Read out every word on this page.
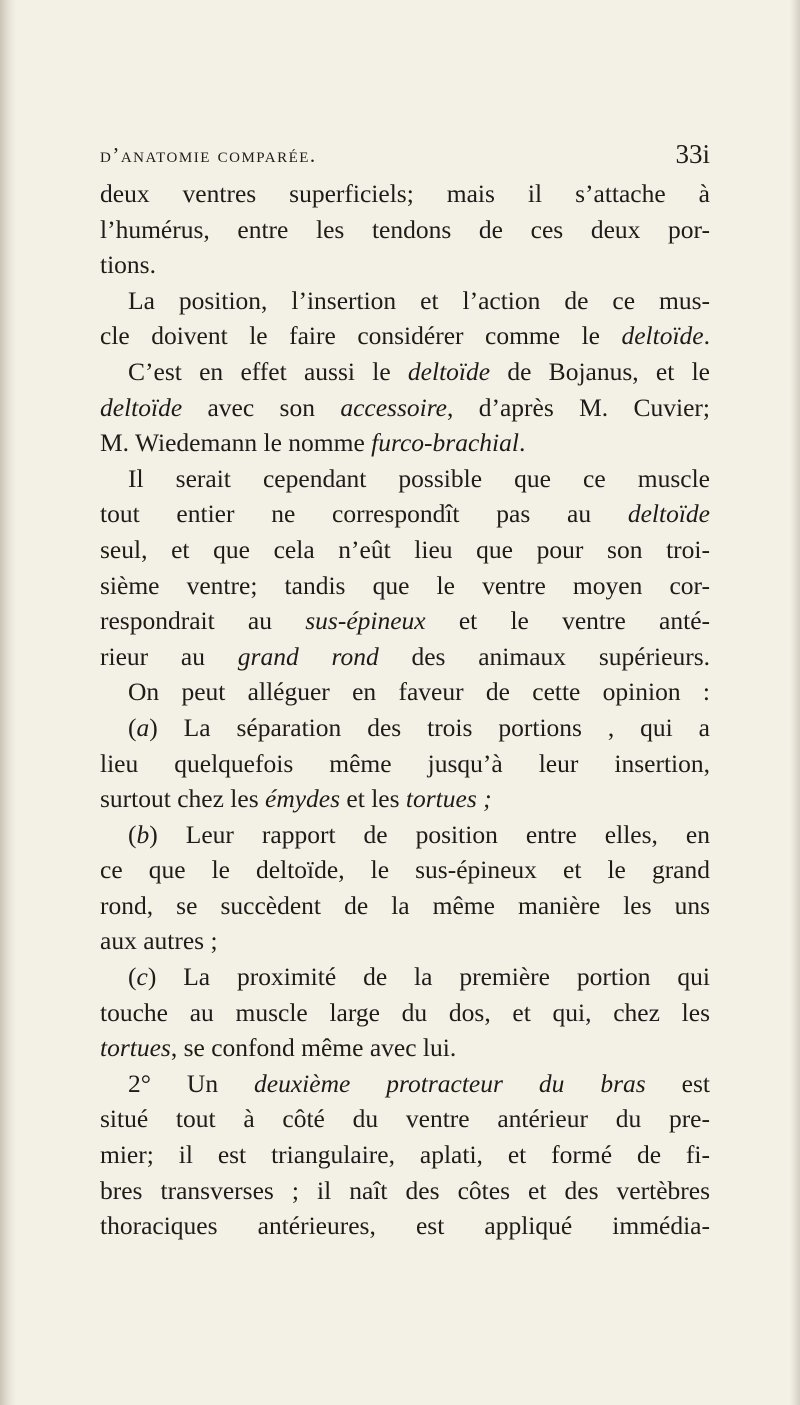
d’anatomie comparée.	33i
deux ventres superficiels; mais il s’attache à
l’humérus, entre les tendons de ces deux por-
tions.
La position, l’insertion et l’action de ce mus-
cle doivent le faire considérer comme le deltoïde.
C’est en effet aussi le deltoïde de Bojanus, et le
deltoïde avec son accessoire, d’après M. Cuvier;
M. Wiedemann le nomme furco-brachial.
Il serait cependant possible que ce muscle
tout entier ne correspondît pas au deltoïde
seul, et que cela n’eût lieu que pour son troi-
sième ventre; tandis que le ventre moyen cor-
respondrait au sus-épineux et le ventre anté-
rieur au grand rond des animaux supérieurs.
On peut alléguer en faveur de cette opinion :
(a) La séparation des trois portions , qui a
lieu quelquefois même jusqu’à leur insertion,
surtout chez les émydes et les tortues ;
(b) Leur rapport de position entre elles, en
ce que le deltoïde, le sus-épineux et le grand
rond, se succèdent de la même manière les uns
aux autres ;
(c) La proximité de la première portion qui
touche au muscle large du dos, et qui, chez les
tortues, se confond même avec lui.
2° Un deuxième protracteur du bras est
situé tout à côté du ventre antérieur du pre-
mier; il est triangulaire, aplati, et formé de fi-
bres transverses ; il naît des côtes et des vertèbres
thoraciques antérieures, est appliqué immédia-
